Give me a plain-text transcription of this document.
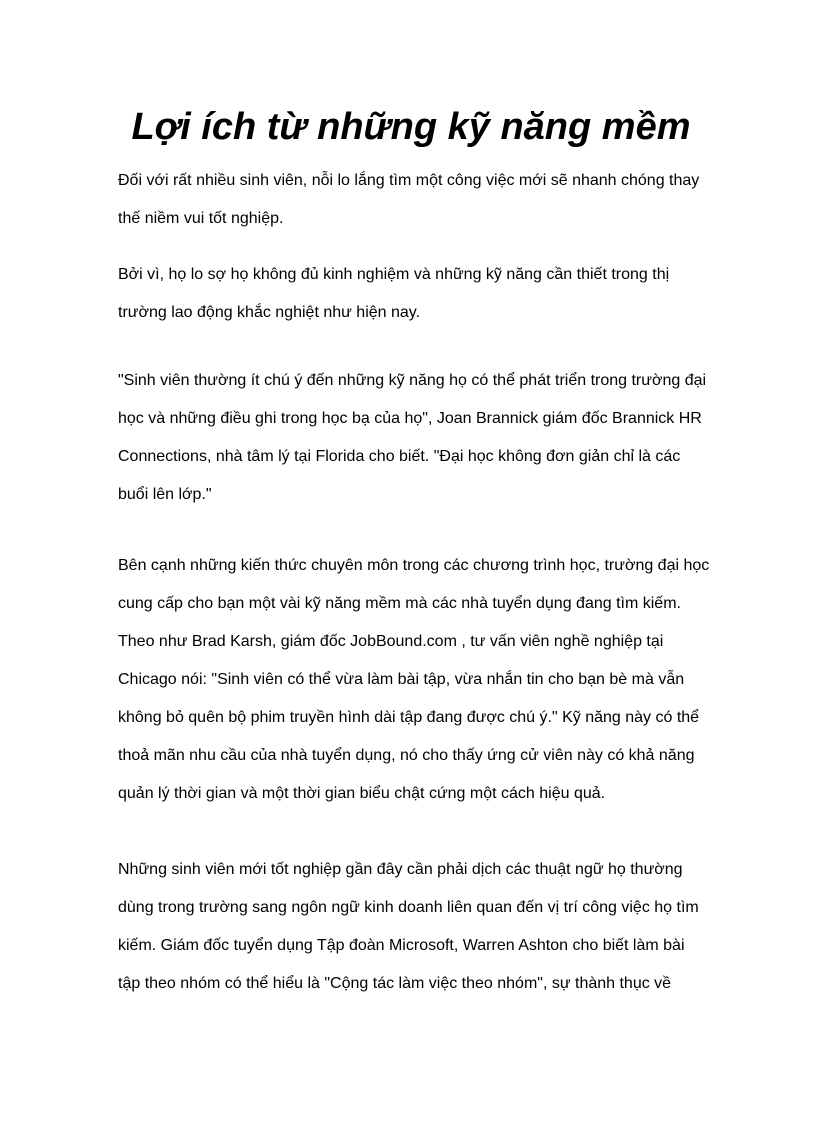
Lợi ích từ những kỹ năng mềm
Đối với rất nhiều sinh viên, nỗi lo lắng tìm một công việc mới sẽ nhanh chóng thay
thế niềm vui tốt nghiệp.
Bởi vì, họ lo sợ họ không đủ kinh nghiệm và những kỹ năng cần thiết trong thị
trường lao động khắc nghiệt như hiện nay.
"Sinh viên thường ít chú ý đến những kỹ năng họ có thể phát triển trong trường đại
học và những điều ghi trong học bạ của họ", Joan Brannick giám đốc Brannick HR
Connections, nhà tâm lý tại Florida cho biết. "Đại học không đơn giản chỉ là các
buổi lên lớp."
Bên cạnh những kiến thức chuyên môn trong các chương trình học, trường đại học
cung cấp cho bạn một vài kỹ năng mềm mà các nhà tuyển dụng đang tìm kiếm.
Theo như Brad Karsh, giám đốc JobBound.com , tư vấn viên nghề nghiệp tại
Chicago nói: "Sinh viên có thể vừa làm bài tập, vừa nhắn tin cho bạn bè mà vẫn
không bỏ quên bộ phim truyền hình dài tập đang được chú ý." Kỹ năng này có thể
thoả mãn nhu cầu của nhà tuyển dụng, nó cho thấy ứng cử viên này có khả năng
quản lý thời gian và một thời gian biểu chật cứng một cách hiệu quả.
Những sinh viên mới tốt nghiệp gần đây cần phải dịch các thuật ngữ họ thường
dùng trong trường sang ngôn ngữ kinh doanh liên quan đến vị trí công việc họ tìm
kiếm. Giám đốc tuyển dụng Tập đoàn Microsoft, Warren Ashton cho biết làm bài
tập theo nhóm có thể hiểu là "Cộng tác làm việc theo nhóm", sự thành thục về
